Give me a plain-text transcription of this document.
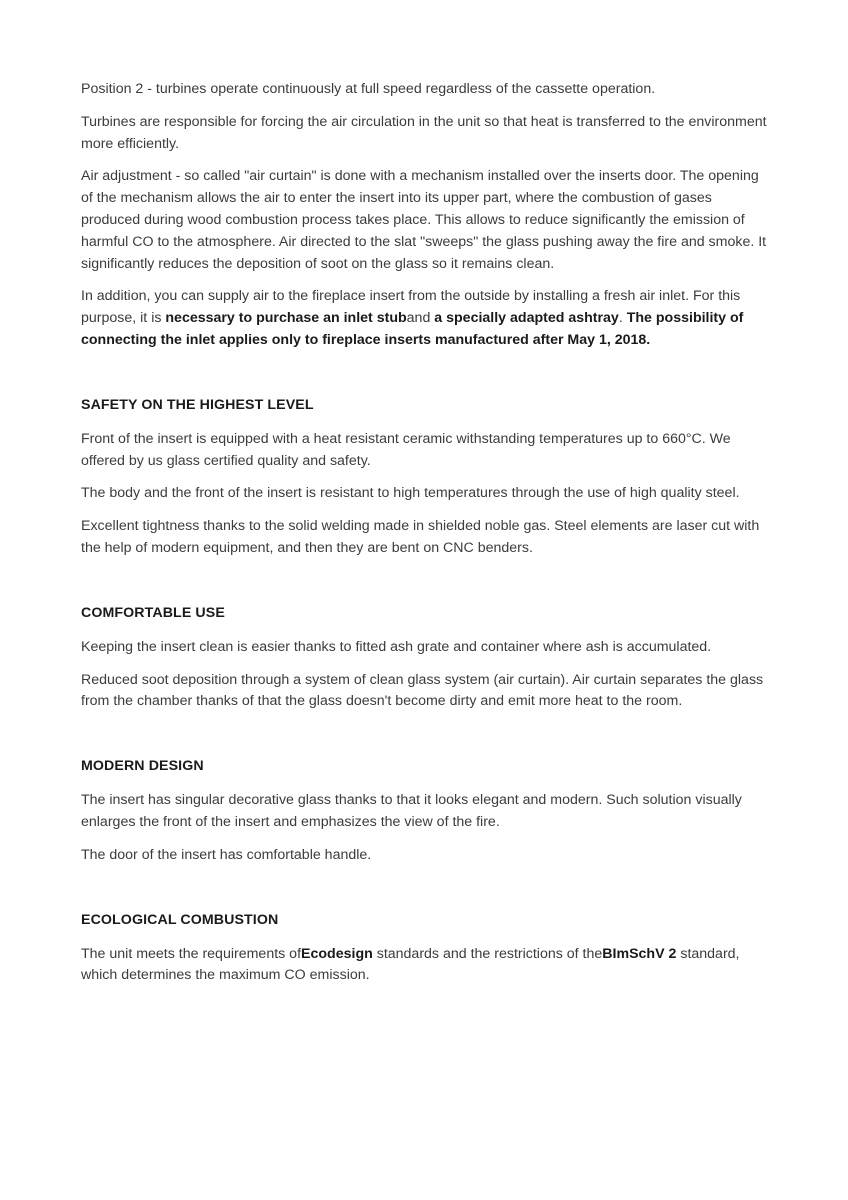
Position 2 - turbines operate continuously at full speed regardless of the cassette operation.

Turbines are responsible for forcing the air circulation in the unit so that heat is transferred to the environment more efficiently.

Air adjustment - so called "air curtain" is done with a mechanism installed over the inserts door. The opening of the mechanism allows the air to enter the insert into its upper part, where the combustion of gases produced during wood combustion process takes place. This allows to reduce significantly the emission of harmful CO to the atmosphere. Air directed to the slat "sweeps" the glass pushing away the fire and smoke. It significantly reduces the deposition of soot on the glass so it remains clean.

In addition, you can supply air to the fireplace insert from the outside by installing a fresh air inlet. For this purpose, it is necessary to purchase an inlet stuband a specially adapted ashtray. The possibility of connecting the inlet applies only to fireplace inserts manufactured after May 1, 2018.

SAFETY ON THE HIGHEST LEVEL

Front of the insert is equipped with a heat resistant ceramic withstanding temperatures up to 660°C. We offered by us glass certified quality and safety.

The body and the front of the insert is resistant to high temperatures through the use of high quality steel.

Excellent tightness thanks to the solid welding made in shielded noble gas. Steel elements are laser cut with the help of modern equipment, and then they are bent on CNC benders.

COMFORTABLE USE

Keeping the insert clean is easier thanks to fitted ash grate and container where ash is accumulated.

Reduced soot deposition through a system of clean glass system (air curtain). Air curtain separates the glass from the chamber thanks of that the glass doesn't become dirty and emit more heat to the room.

MODERN DESIGN

The insert has singular decorative glass thanks to that it looks elegant and modern. Such solution visually enlarges the front of the insert and emphasizes the view of the fire.

The door of the insert has comfortable handle.

ECOLOGICAL COMBUSTION

The unit meets the requirements ofEcodesign standards and the restrictions of theBImSchV 2 standard, which determines the maximum CO emission.
